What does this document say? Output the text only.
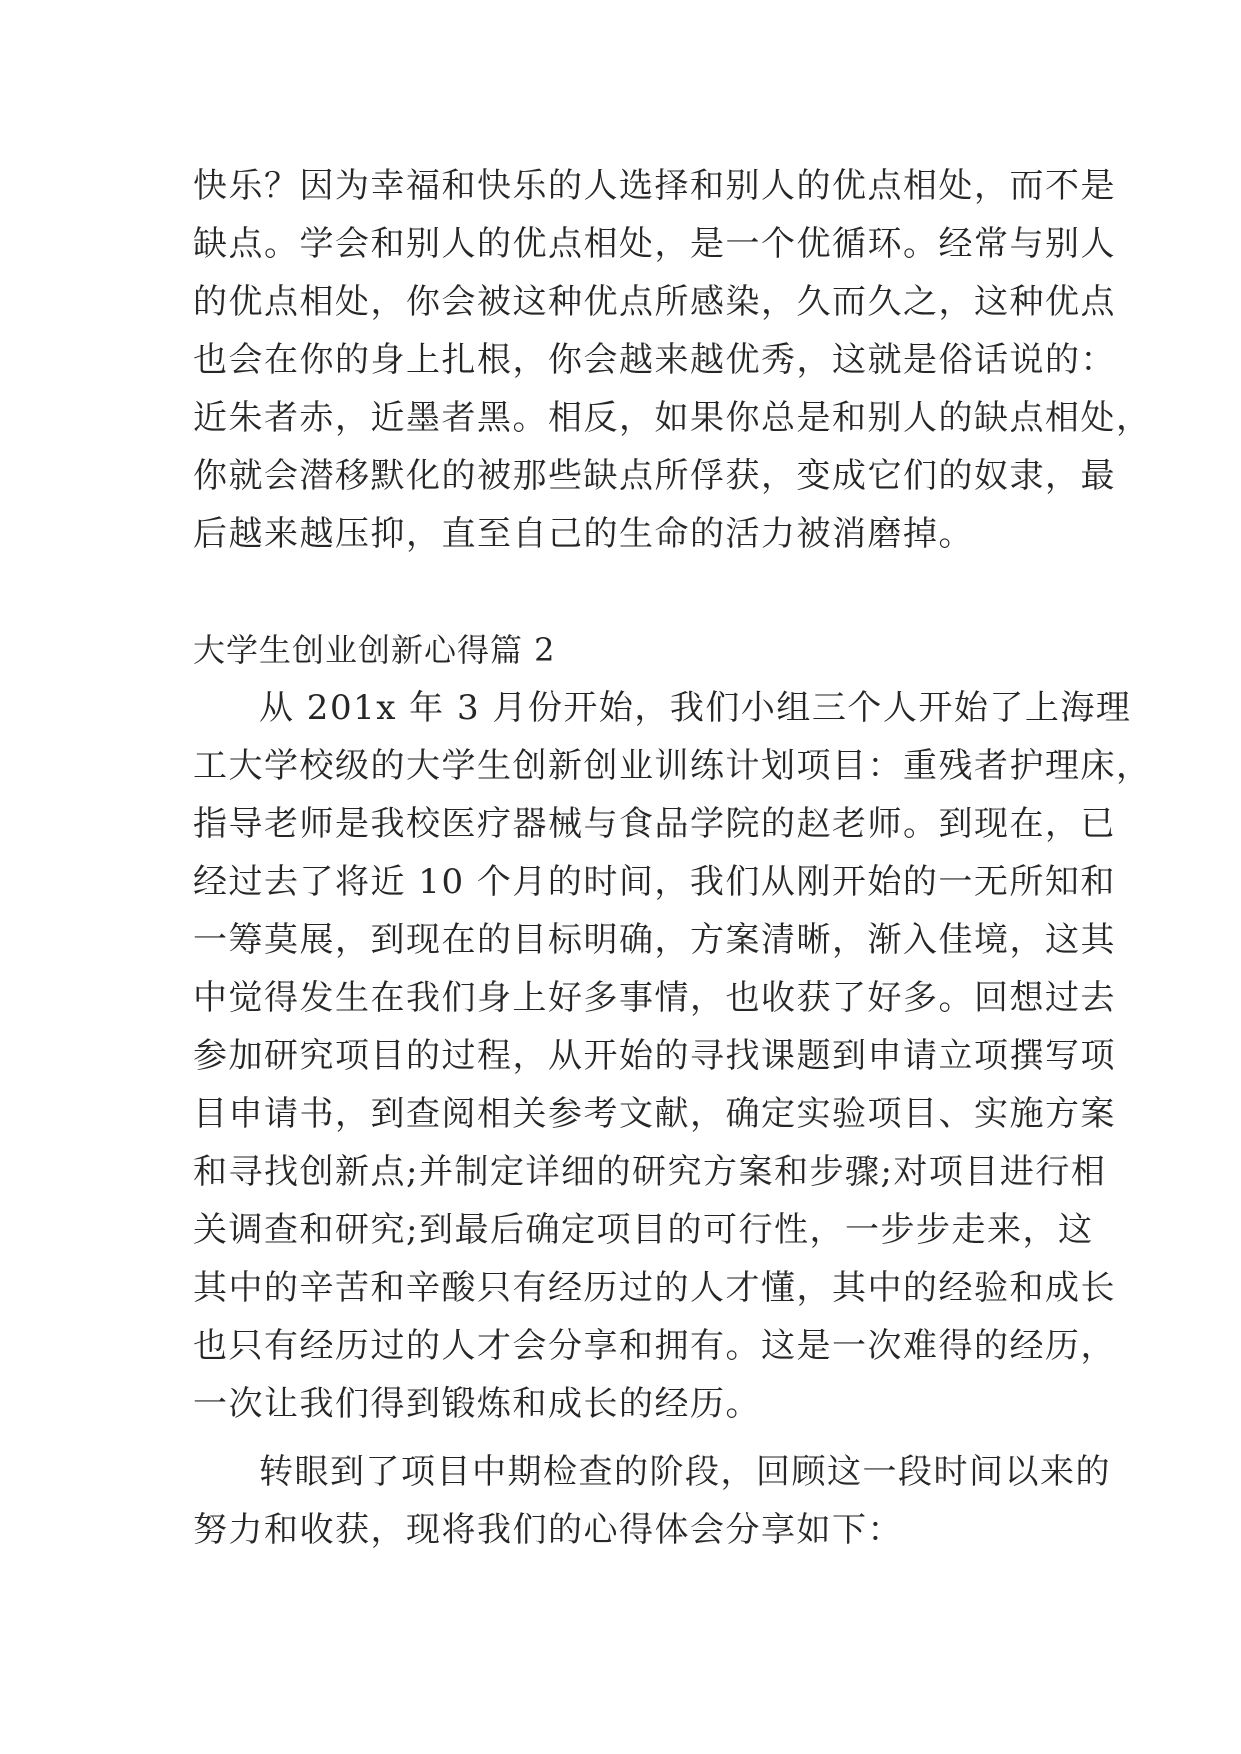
快乐？因为幸福和快乐的人选择和别人的优点相处，而不是
缺点。学会和别人的优点相处，是一个优循环。经常与别人
的优点相处，你会被这种优点所感染，久而久之，这种优点
也会在你的身上扎根，你会越来越优秀，这就是俗话说的：
近朱者赤，近墨者黑。相反，如果你总是和别人的缺点相处，
你就会潜移默化的被那些缺点所俘获，变成它们的奴隶，最
后越来越压抑，直至自己的生命的活力被消磨掉。
大学生创业创新心得篇 2
从 201x 年 3 月份开始，我们小组三个人开始了上海理
工大学校级的大学生创新创业训练计划项目：重残者护理床，
指导老师是我校医疗器械与食品学院的赵老师。到现在，已
经过去了将近 10 个月的时间，我们从刚开始的一无所知和
一筹莫展，到现在的目标明确，方案清晰，渐入佳境，这其
中觉得发生在我们身上好多事情，也收获了好多。回想过去
参加研究项目的过程，从开始的寻找课题到申请立项撰写项
目申请书，到查阅相关参考文献，确定实验项目、实施方案
和寻找创新点;并制定详细的研究方案和步骤;对项目进行相
关调查和研究;到最后确定项目的可行性，一步步走来，这
其中的辛苦和辛酸只有经历过的人才懂，其中的经验和成长
也只有经历过的人才会分享和拥有。这是一次难得的经历，
一次让我们得到锻炼和成长的经历。
转眼到了项目中期检查的阶段，回顾这一段时间以来的
努力和收获，现将我们的心得体会分享如下：
